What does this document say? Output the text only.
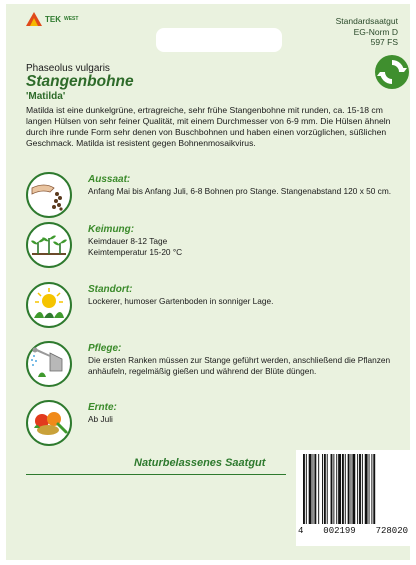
TEK WEST	Standardsaatgut
EG-Norm D
597 FS
Phaseolus vulgaris
Stangenbohne
'Matilda'
Matilda ist eine dunkelgrüne, ertragreiche, sehr frühe Stangenbohne mit runden, ca. 15-18 cm langen Hülsen von sehr feiner Qualität, mit einem Durchmesser von 6-9 mm. Die Hülsen ähneln durch ihre runde Form sehr denen von Buschbohnen und haben einen vorzüglichen, süßlichen Geschmack. Matilda ist resistent gegen Bohnenmosaikvirus.
Aussaat:
Anfang Mai bis Anfang Juli, 6-8 Bohnen pro Stange. Stangenabstand 120 x 50 cm.
Keimung:
Keimdauer 8-12 Tage
Keimtemperatur 15-20 °C
Standort:
Lockerer, humoser Gartenboden in sonniger Lage.
Pflege:
Die ersten Ranken müssen zur Stange geführt werden, anschließend die Pflanzen anhäufeln, regelmäßig gießen und während der Blüte düngen.
Ernte:
Ab Juli
Naturbelassenes Saatgut
4 002199 728020
